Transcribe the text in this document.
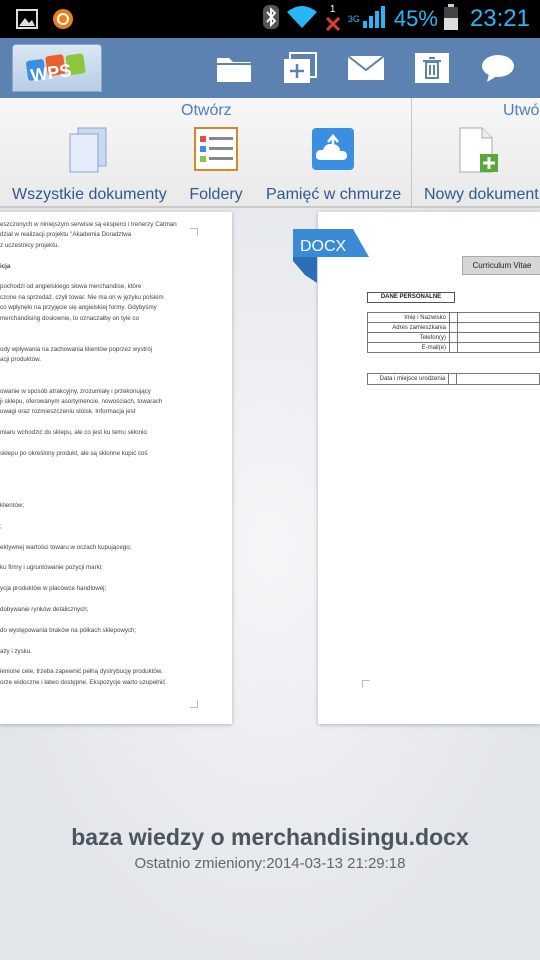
1
3G 45% 23:21
WPS
Otwórz	Utwó
Wszystkie dokumenty Foldery Pamięć w chmurze Nowy dokument
eszczonych w niniejszym serwisie są eksperci i trenerzy Catman
dział w realizacji projektu "Akademia Doradztwa
z uczestnicy projektu.

icja

pochodzi od angielskiego słowa merchandise, które
czone na sprzedaż, czyli towar. Nie ma on w języku polskim
co wpłynęło na przyjęcie się angielskiej formy. Gdybyśmy
merchandising dosłownie, to oznaczałby on tyle co

ody wpływania na zachowania klientów poprzez wystrój
acji produktów.

owanie w sposób atrakcyjny, zrozumiały i przekonujący
ji sklepu, oferowanym asortymencie, nowościach, towarach
uwagi oraz rozmieszczeniu stoisk. Informacja jest

miaru wchodzić do sklepu, ale co jest ku temu skłonio

sklepu po określony produkt, ale są skłonne kupić coś

klientów;

;

ektywnej wartości towaru w oczach kupującego;

ku firmy i ugruntowanie pozycji marki;

ycja produktów w placówce handlowej;

dobywanie rynków detalicznych;

do występowania braków na półkach sklepowych;

aży i zysku.

ienione cele, trzeba zapewnić pełną dystrybucję produktów.
orze widoczne i łatwo dostępne. Ekspozycje warto uzupełnić
Curriculum Vitae
DANE PERSONALNE
Imię i Nazwisko		
Adres zamieszkania		
Telefon(y)		
E-mail(e)		
Data i miejsce urodzenia		
DOCX
baza wiedzy o merchandisingu.docx
Ostatnio zmieniony:2014-03-13 21:29:18
